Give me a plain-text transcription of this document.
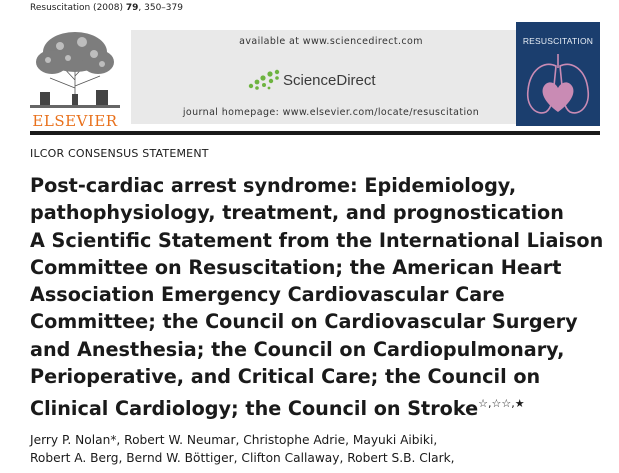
Resuscitation (2008) 79, 350–379
ELSEVIER
available at www.sciencedirect.com
ScienceDirect
journal homepage: www.elsevier.com/locate/resuscitation
RESUSCITATION
ILCOR CONSENSUS STATEMENT
Post-cardiac arrest syndrome: Epidemiology,
pathophysiology, treatment, and prognostication
A Scientific Statement from the International Liaison
Committee on Resuscitation; the American Heart
Association Emergency Cardiovascular Care
Committee; the Council on Cardiovascular Surgery
and Anesthesia; the Council on Cardiopulmonary,
Perioperative, and Critical Care; the Council on
Clinical Cardiology; the Council on Stroke☆,☆☆,★
Jerry P. Nolan*, Robert W. Neumar, Christophe Adrie, Mayuki Aibiki,
Robert A. Berg, Bernd W. Böttiger, Clifton Callaway, Robert S.B. Clark,
